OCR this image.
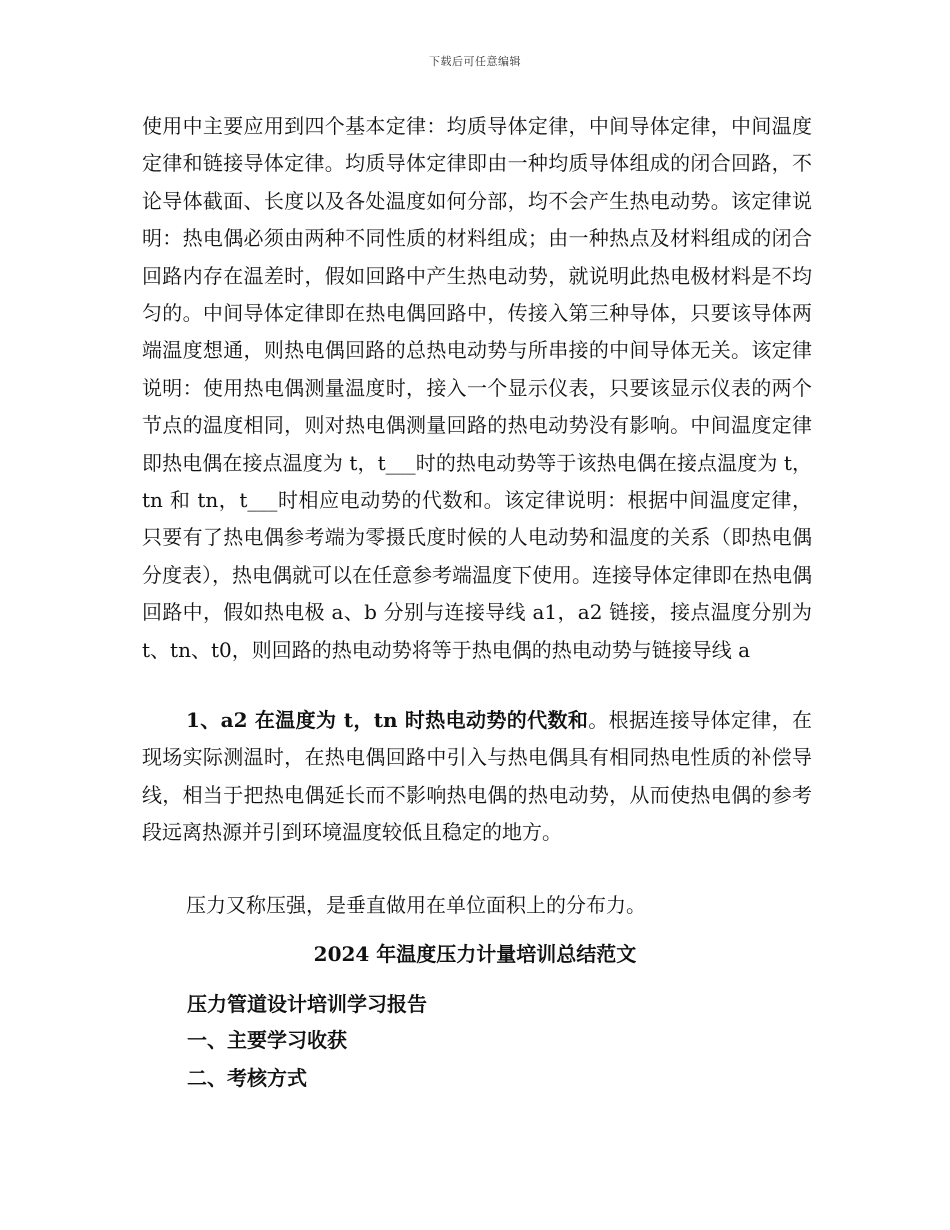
下载后可任意编辑
使用中主要应用到四个基本定律：均质导体定律，中间导体定律，中间温度定律和链接导体定律。均质导体定律即由一种均质导体组成的闭合回路，不论导体截面、长度以及各处温度如何分部，均不会产生热电动势。该定律说明：热电偶必须由两种不同性质的材料组成；由一种热点及材料组成的闭合回路内存在温差时，假如回路中产生热电动势，就说明此热电极材料是不均匀的。中间导体定律即在热电偶回路中，传接入第三种导体，只要该导体两端温度想通，则热电偶回路的总热电动势与所串接的中间导体无关。该定律说明：使用热电偶测量温度时，接入一个显示仪表，只要该显示仪表的两个节点的温度相同，则对热电偶测量回路的热电动势没有影响。中间温度定律即热电偶在接点温度为 t，t___时的热电动势等于该热电偶在接点温度为 t，tn 和 tn，t___时相应电动势的代数和。该定律说明：根据中间温度定律，只要有了热电偶参考端为零摄氏度时候的人电动势和温度的关系（即热电偶分度表），热电偶就可以在任意参考端温度下使用。连接导体定律即在热电偶回路中，假如热电极 a、b 分别与连接导线 a1，a2 链接，接点温度分别为 t、tn、t0，则回路的热电动势将等于热电偶的热电动势与链接导线 a
1、a2 在温度为 t，tn 时热电动势的代数和。根据连接导体定律，在现场实际测温时，在热电偶回路中引入与热电偶具有相同热电性质的补偿导线，相当于把热电偶延长而不影响热电偶的热电动势，从而使热电偶的参考段远离热源并引到环境温度较低且稳定的地方。
压力又称压强，是垂直做用在单位面积上的分布力。
2024 年温度压力计量培训总结范文
压力管道设计培训学习报告
一、主要学习收获
二、考核方式
